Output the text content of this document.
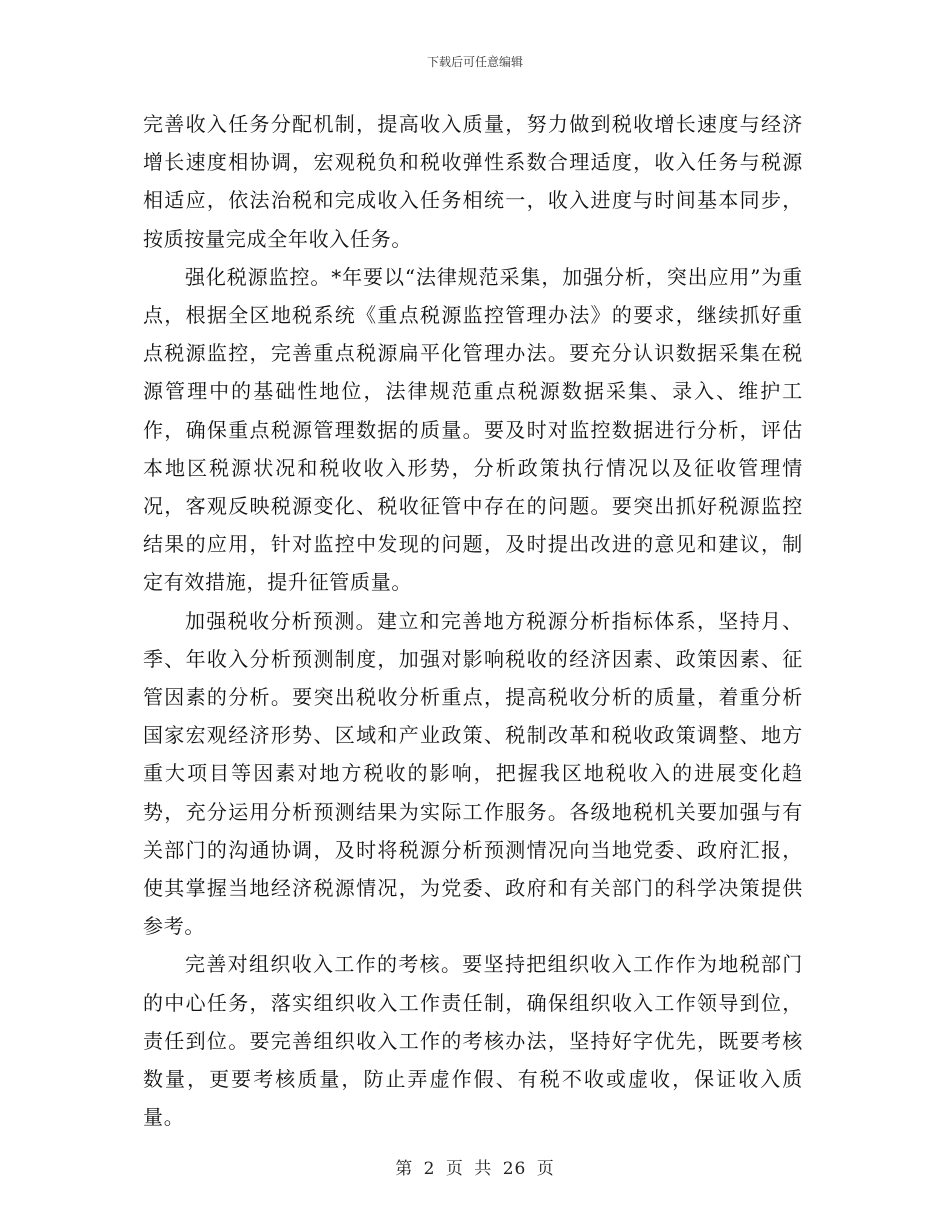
下载后可任意编辑

完善收入任务分配机制，提高收入质量，努力做到税收增长速度与经济增长速度相协调，宏观税负和税收弹性系数合理适度，收入任务与税源相适应，依法治税和完成收入任务相统一，收入进度与时间基本同步，按质按量完成全年收入任务。

强化税源监控。*年要以“法律规范采集，加强分析，突出应用”为重点，根据全区地税系统《重点税源监控管理办法》的要求，继续抓好重点税源监控，完善重点税源扁平化管理办法。要充分认识数据采集在税源管理中的基础性地位，法律规范重点税源数据采集、录入、维护工作，确保重点税源管理数据的质量。要及时对监控数据进行分析，评估本地区税源状况和税收收入形势，分析政策执行情况以及征收管理情况，客观反映税源变化、税收征管中存在的问题。要突出抓好税源监控结果的应用，针对监控中发现的问题，及时提出改进的意见和建议，制定有效措施，提升征管质量。

加强税收分析预测。建立和完善地方税源分析指标体系，坚持月、季、年收入分析预测制度，加强对影响税收的经济因素、政策因素、征管因素的分析。要突出税收分析重点，提高税收分析的质量，着重分析国家宏观经济形势、区域和产业政策、税制改革和税收政策调整、地方重大项目等因素对地方税收的影响，把握我区地税收入的进展变化趋势，充分运用分析预测结果为实际工作服务。各级地税机关要加强与有关部门的沟通协调，及时将税源分析预测情况向当地党委、政府汇报，使其掌握当地经济税源情况，为党委、政府和有关部门的科学决策提供参考。

完善对组织收入工作的考核。要坚持把组织收入工作作为地税部门的中心任务，落实组织收入工作责任制，确保组织收入工作领导到位，责任到位。要完善组织收入工作的考核办法，坚持好字优先，既要考核数量，更要考核质量，防止弄虚作假、有税不收或虚收，保证收入质量。

第 2 页 共 26 页
